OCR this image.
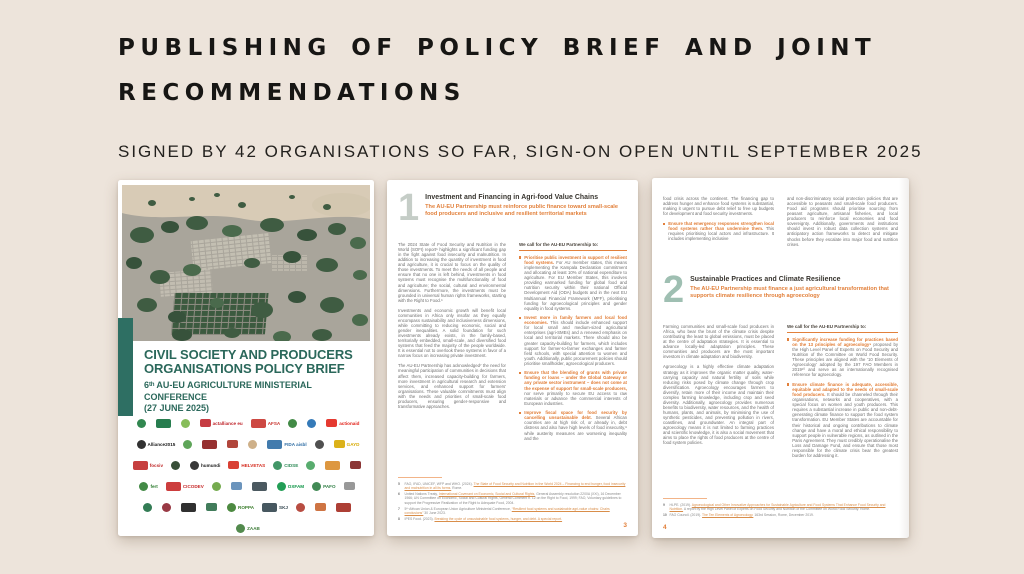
PUBLISHING OF POLICY BRIEF AND JOINT RECOMMENDATIONS
SIGNED BY 42 ORGANISATIONS SO FAR, SIGN-ON OPEN UNTIL SEPTEMBER 2025
CIVIL SOCIETY AND PRODUCERS
ORGANISATIONS POLICY BRIEF
6ᵗʰ AU-EU AGRICULTURE MINISTERIAL CONFERENCE
(27 JUNE 2025)
actalliance eu	AFSA	actionaid
Alliance2015	FIDA aisbl	GAYD
focsiv	humundi	HELVETAS	CIDSE
fert	CICODEV	OXFAM	PAFO
ROPPA	SKJ
ZAAB
1 Investment and Financing in Agri-food Value Chains
The AU-EU Partnership must reinforce public finance toward small-scale food producers and inclusive and resilient territorial markets

The 2024 State of Food Security and Nutrition in the World (SOFI) report⁵ highlights a significant funding gap in the fight against food insecurity and malnutrition. In addition to increasing the quantity of investment in food and agriculture, it is crucial to focus on the quality of those investments. To meet the needs of all people and ensure that no one is left behind, investments in food systems must recognise the multifunctionality of food and agriculture; the social, cultural and environmental dimensions. Furthermore, the investments must be grounded in universal human rights frameworks, starting with the Right to Food.⁶

Investments and economic growth will benefit local communities in Africa only insofar as they equally encompass sustainability and inclusiveness dimensions, while committing to reducing economic, social and gender inequalities. A solid foundation for such investments already exists, in the family-based, territorially embedded, small-scale, and diversified food systems that feed the majority of the people worldwide. It is essential not to overlook these systems in favor of a narrow focus on increasing private investment.

The AU-EU Partnership has acknowledged⁷ the need for meaningful participation of communities in decisions that affect them, increased capacity-building for farmers, more investment in agricultural research and extension services, and enhanced support for farmers' organisations. These valuable commitments must align with the needs and priorities of small-scale food producers, ensuring gender-responsive and transformative approaches.

We call for the AU-EU Partnership to:
Prioritise public investment in support of resilient food systems. For AU member states, this means implementing the Kampala Declaration commitment and allocating at least 10% of national expenditure to agriculture. For EU Member States, this involves providing earmarked funding for global food and nutrition security within their national Official Development Aid (ODA) budgets and in the next EU Multiannual Financial Framework (MFF), prioritising funding for agroecological principles and gender equality in food systems.
Invest more in family farmers and local food economies. This should include enhanced support for local small and medium-sized agricultural enterprises (agri-SMEs) and a renewed emphasis on local and territorial markets. There should also be greater capacity-building for farmers, which includes support for farmer-to-farmer exchanges and farmer field schools, with special attention to women and youth. Additionally, public procurement policies should prioritise smallholder, agroecological producers.
Ensure that the blending of grants with private funding or loans – under the Global Gateway or any private sector instrument – does not come at the expense of support for small-scale producers,nor serve primarily to secure EU access to raw materials or advance the commercial interests of European industries.
Improve fiscal space for food security by cancelling unsustainable debt. Several African countries are at high risk of, or already in, debt distress and also have high levels of food insecurity,⁸ while austerity measures are worsening inequality and the
5	FAO, IFAD, UNICEF, WFP and WHO. (2024). The State of Food Security and Nutrition in the World 2024 – Financing to end hunger, food insecurity and malnutrition in all its forms. Rome.
6	United Nations Treaty, International Covenant on Economic, Social and Cultural Rights, General Assembly resolution 2200A (XXI), 16 December 1966; UN Committee on Economic, Social and Cultural Rights, General Comment n. 12 on the Right to Food, 1999; FAO, Voluntary guidelines to support the Progressive Realization of the Right to Adequate Food, 2004.
7	5ᵗʰ African Union & European Union Agriculture Ministerial Conference, “Resilient food systems and sustainable agri-value chains: Chairs conclusions” 30 June 2023.
8	IPES Food. (2023). Breaking the cycle of unsustainable food systems, hunger, and debt. A special report.
3

food crisis across the continent. The financing gap to address hunger and enhance food systems is substantial, making it urgent to pursue debt relief to free up budgets for development and food security investments.

Ensure that emergency responses strengthen local food systems rather than undermine them. This requires prioritising local actors and infrastructure. It includes implementing inclusive

and non-discriminatory social protection policies that are accessible to peasants and small-scale food producers. Food aid programs should prioritise sourcing from peasant agriculture, artisanal fisheries, and local producers to reinforce local economies and food sovereignty. Additionally, governments and institutions should invest in robust data collection systems and anticipatory action frameworks to detect and mitigate shocks before they escalate into major food and nutrition crises.

2 Sustainable Practices and Climate Resilience
The AU-EU Partnership must finance a just agricultural transformation that supports climate resilience through agroecology

Farming communities and small-scale food producers in Africa, who bear the brunt of the climate crisis despite contributing the least to global emissions, must be placed at the centre of adaptation strategies. It is essential to advance locally-led adaptation principles. These communities and producers are the most important investors in climate adaptation and biodiversity.

Agroecology is a highly effective climate adaptation strategy as it improves the organic matter quality, water-carrying capacity and natural fertility of soils while reducing risks posed by climate change through crop diversification. Agroecology encourages farmers to diversify, retain more of their income and maintain their complex farming knowledge, including crop and seed diversity. Additionally, agroecology provides numerous benefits to biodiversity, water resources, and the health of humans, plants, and animals, by minimising the use of synthetic pesticides, and preventing pollution in rivers, coastlines, and groundwater. An integral part of agroecology means it is not limited to farming practices and scientific knowledge, it is also a social movement that aims to place the rights of food producers at the centre of food system policies.

We call for the AU-EU Partnership to:
Significantly increase funding for practices based on the 13 principles of agroecology⁹ proposed by the High Level Panel of Experts on Food Security and Nutrition of the Committee on World Food Security. These principles are aligned with the '10 Elements of Agroecology' adopted by the 197 FAO Members in 2019¹⁰ and serve as an internationally recognised reference for agroecology.
Ensure climate finance is adequate, accessible, equitable and adapted to the needs of small-scale food producers. It should be channeled through their organisations, networks and cooperatives, with a special focus on women and youth producers. This requires a substantial increase in public and non-debt-generating climate finance to support the food system transformation. EU Member States are accountable for their historical and ongoing contributions to climate change and have a moral and ethical responsibility to support people in vulnerable regions, as outlined in the Paris Agreement. They must credibly operationalise the Loss and Damage Fund, and ensure that those most responsible for the climate crisis bear the greatest burden for addressing it.
9	HLPE. (2019). Agroecological and Other Innovative Approaches for Sustainable Agriculture and Food Systems That Enhance Food Security and Nutrition. A report by the High Level Panel of Experts on Food Security and Nutrition of the Committee on World Food Security. Rome.
10 FAO Council. (2019). The Ten Elements of Agroecology. 163rd Session, Rome, December 2019.
4
